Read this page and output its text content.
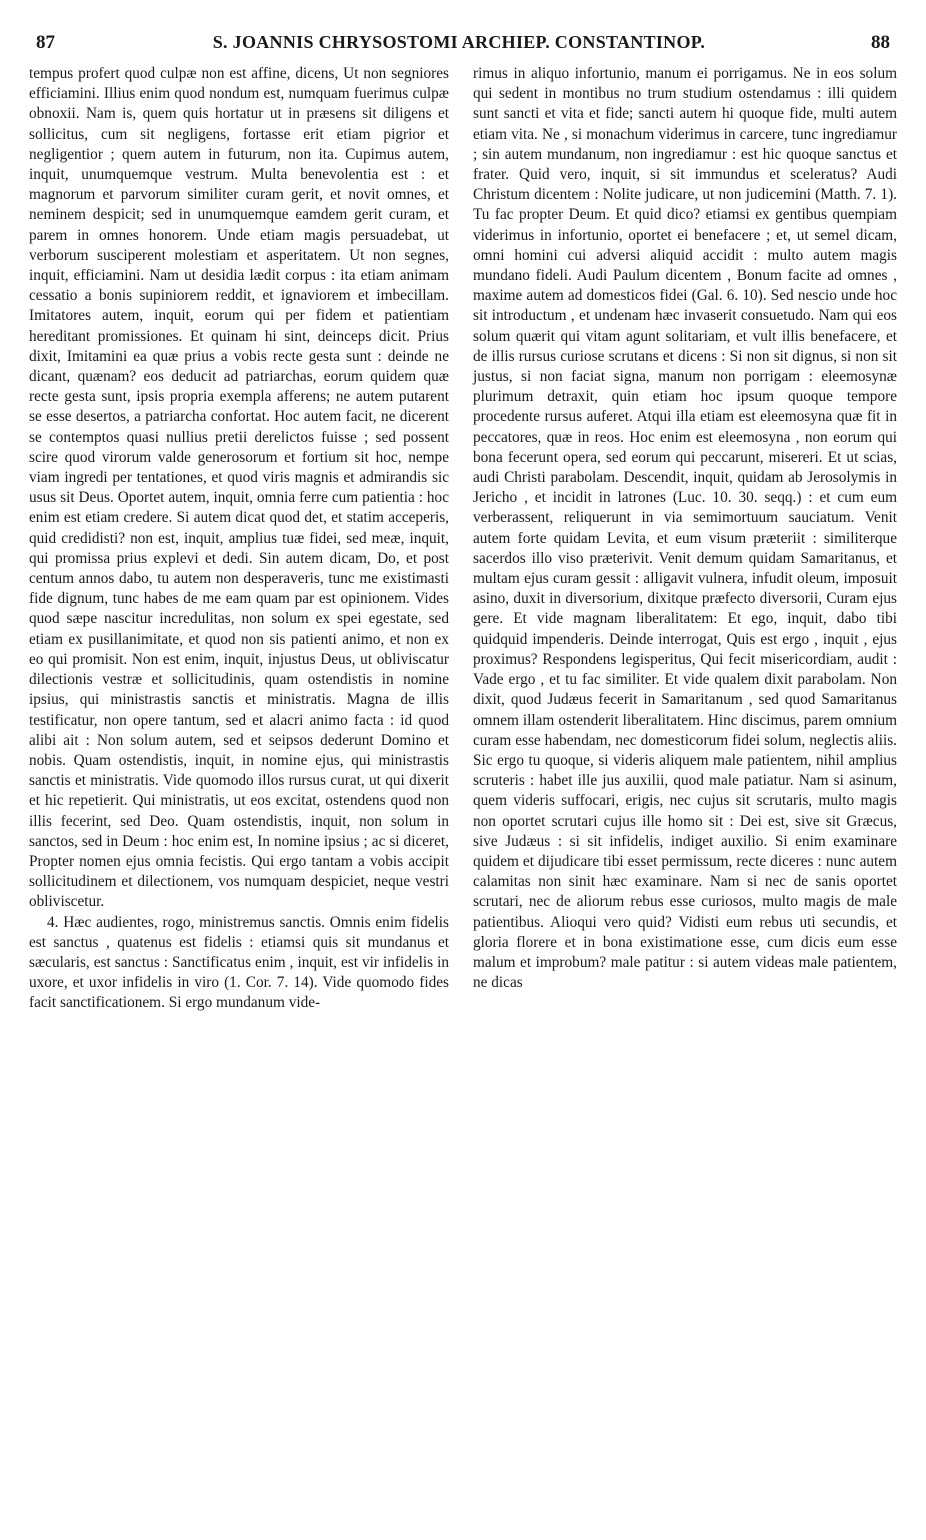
87	S. JOANNIS CHRYSOSTOMI ARCHIEP. CONSTANTINOP.	88

tempus profert quod culpæ non est affine, dicens, Ut non segniores efficiamini. Illius enim quod nondum est, numquam fuerimus culpæ obnoxii. Nam is, quem quis hortatur ut in præsens sit diligens et sollicitus, cum sit negligens, fortasse erit etiam pigrior et negligentior ; quem autem in futurum, non ita. Cupimus autem, inquit, unumquemque vestrum. Multa benevolentia est : et magnorum et parvorum similiter curam gerit, et novit omnes, et neminem despicit; sed in unumquemque eamdem gerit curam, et parem in omnes honorem. Unde etiam magis persuadebat, ut verborum susciperent molestiam et asperitatem. Ut non segnes, inquit, efficiamini. Nam ut desidia lædit corpus : ita etiam animam cessatio a bonis supiniorem reddit, et ignaviorem et imbecillam. Imitatores autem, inquit, eorum qui per fidem et patientiam hereditant promissiones. Et quinam hi sint, deinceps dicit. Prius dixit, Imitamini ea quæ prius a vobis recte gesta sunt : deinde ne dicant, quænam? eos deducit ad patriarchas, eorum quidem quæ recte gesta sunt, ipsis propria exempla afferens; ne autem putarent se esse desertos, a patriarcha confortat. Hoc autem facit, ne dicerent se contemptos quasi nullius pretii derelictos fuisse ; sed possent scire quod virorum valde generosorum et fortium sit hoc, nempe viam ingredi per tentationes, et quod viris magnis et admirandis sic usus sit Deus. Oportet autem, inquit, omnia ferre cum patientia : hoc enim est etiam credere. Si autem dicat quod det, et statim acceperis, quid credidisti? non est, inquit, amplius tuæ fidei, sed meæ, inquit, qui promissa prius explevi et dedi. Sin autem dicam, Do, et post centum annos dabo, tu autem non desperaveris, tunc me existimasti fide dignum, tunc habes de me eam quam par est opinionem. Vides quod sæpe nascitur incredulitas, non solum ex spei egestate, sed etiam ex pusillanimitate, et quod non sis patienti animo, et non ex eo qui promisit. Non est enim, inquit, injustus Deus, ut obliviscatur dilectionis vestræ et sollicitudinis, quam ostendistis in nomine ipsius, qui ministrastis sanctis et ministratis. Magna de illis testificatur, non opere tantum, sed et alacri animo facta : id quod alibi ait : Non solum autem, sed et seipsos dederunt Domino et nobis. Quam ostendistis, inquit, in nomine ejus, qui ministrastis sanctis et ministratis. Vide quomodo illos rursus curat, ut qui dixerit et hic repetierit. Qui ministratis, ut eos excitat, ostendens quod non illis fecerint, sed Deo. Quam ostendistis, inquit, non solum in sanctos, sed in Deum : hoc enim est, In nomine ipsius ; ac si diceret, Propter nomen ejus omnia fecistis. Qui ergo tantam a vobis accipit sollicitudinem et dilectionem, vos numquam despiciet, neque vestri obliviscetur.

4. Hæc audientes, rogo, ministremus sanctis. Omnis enim fidelis est sanctus , quatenus est fidelis : etiamsi quis sit mundanus et sæcularis, est sanctus : Sanctificatus enim , inquit, est vir infidelis in uxore, et uxor infidelis in viro (1. Cor. 7. 14). Vide quomodo fides facit sanctificationem. Si ergo mundanum vide-

rimus in aliquo infortunio, manum ei porrigamus. Ne in eos solum qui sedent in montibus no trum studium ostendamus : illi quidem sunt sancti et vita et fide; sancti autem hi quoque fide, multi autem etiam vita. Ne , si monachum viderimus in carcere, tunc ingrediamur ; sin autem mundanum, non ingrediamur : est hic quoque sanctus et frater. Quid vero, inquit, si sit immundus et sceleratus? Audi Christum dicentem : Nolite judicare, ut non judicemini (Matth. 7. 1). Tu fac propter Deum. Et quid dico? etiamsi ex gentibus quempiam viderimus in infortunio, oportet ei benefacere ; et, ut semel dicam, omni homini cui adversi aliquid accidit : multo autem magis mundano fideli. Audi Paulum dicentem , Bonum facite ad omnes , maxime autem ad domesticos fidei (Gal. 6. 10). Sed nescio unde hoc sit introductum , et undenam hæc invaserit consuetudo. Nam qui eos solum quærit qui vitam agunt solitariam, et vult illis benefacere, et de illis rursus curiose scrutans et dicens : Si non sit dignus, si non sit justus, si non faciat signa, manum non porrigam : eleemosynæ plurimum detraxit, quin etiam hoc ipsum quoque tempore procedente rursus auferet. Atqui illa etiam est eleemosyna quæ fit in peccatores, quæ in reos. Hoc enim est eleemosyna , non eorum qui bona fecerunt opera, sed eorum qui peccarunt, misereri. Et ut scias, audi Christi parabolam. Descendit, inquit, quidam ab Jerosolymis in Jericho , et incidit in latrones (Luc. 10. 30. seqq.) : et cum eum verberassent, reliquerunt in via semimortuum sauciatum. Venit autem forte quidam Levita, et eum visum præteriit : similiterque sacerdos illo viso præterivit. Venit demum quidam Samaritanus, et multam ejus curam gessit : alligavit vulnera, infudit oleum, imposuit asino, duxit in diversorium, dixitque præfecto diversorii, Curam ejus gere. Et vide magnam liberalitatem: Et ego, inquit, dabo tibi quidquid impenderis. Deinde interrogat, Quis est ergo , inquit , ejus proximus? Respondens legisperitus, Qui fecit misericordiam, audit : Vade ergo , et tu fac similiter. Et vide qualem dixit parabolam. Non dixit, quod Judæus fecerit in Samaritanum , sed quod Samaritanus omnem illam ostenderit liberalitatem. Hinc discimus, parem omnium curam esse habendam, nec domesticorum fidei solum, neglectis aliis. Sic ergo tu quoque, si videris aliquem male patientem, nihil amplius scruteris : habet ille jus auxilii, quod male patiatur. Nam si asinum, quem videris suffocari, erigis, nec cujus sit scrutaris, multo magis non oportet scrutari cujus ille homo sit : Dei est, sive sit Græcus, sive Judæus : si sit infidelis, indiget auxilio. Si enim examinare quidem et dijudicare tibi esset permissum, recte diceres : nunc autem calamitas non sinit hæc examinare. Nam si nec de sanis oportet scrutari, nec de aliorum rebus esse curiosos, multo magis de male patientibus. Alioqui vero quid? Vidisti eum rebus uti secundis, et gloria florere et in bona existimatione esse, cum dicis eum esse malum et improbum? male patitur : si autem videas male patientem, ne dicas
